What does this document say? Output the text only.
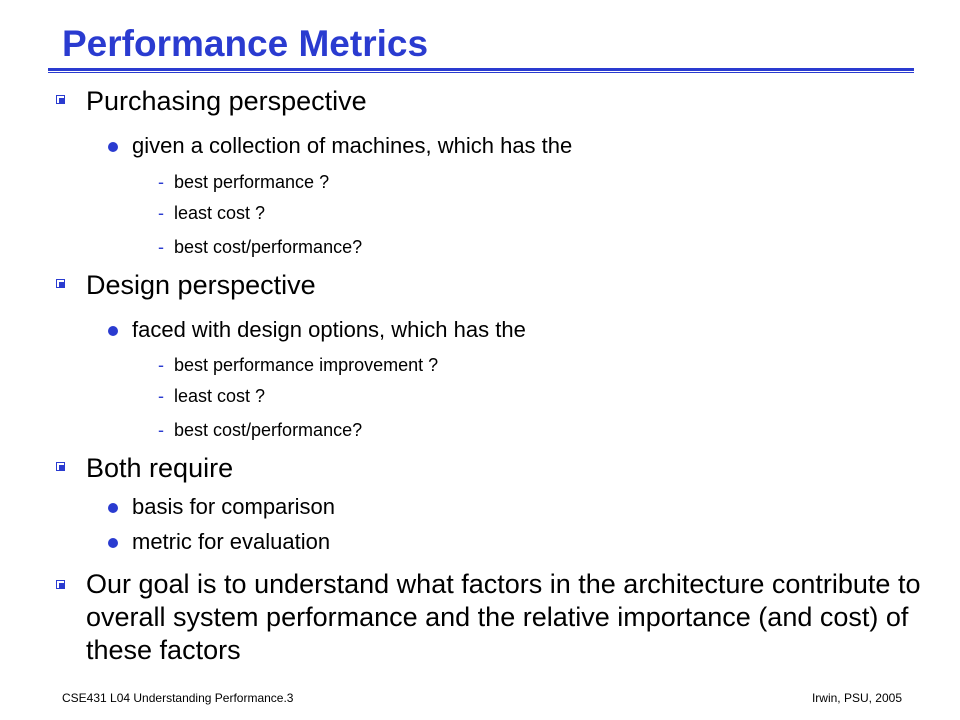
Performance Metrics
Purchasing perspective
given a collection of machines, which has the
- best performance ?
- least cost ?
- best cost/performance?
Design perspective
faced with design options, which has the
- best performance improvement ?
- least cost ?
- best cost/performance?
Both require
basis for comparison
metric for evaluation
Our goal is to understand what factors in the architecture contribute to overall system performance and the relative importance (and cost) of these factors
CSE431 L04 Understanding Performance.3	Irwin, PSU, 2005
